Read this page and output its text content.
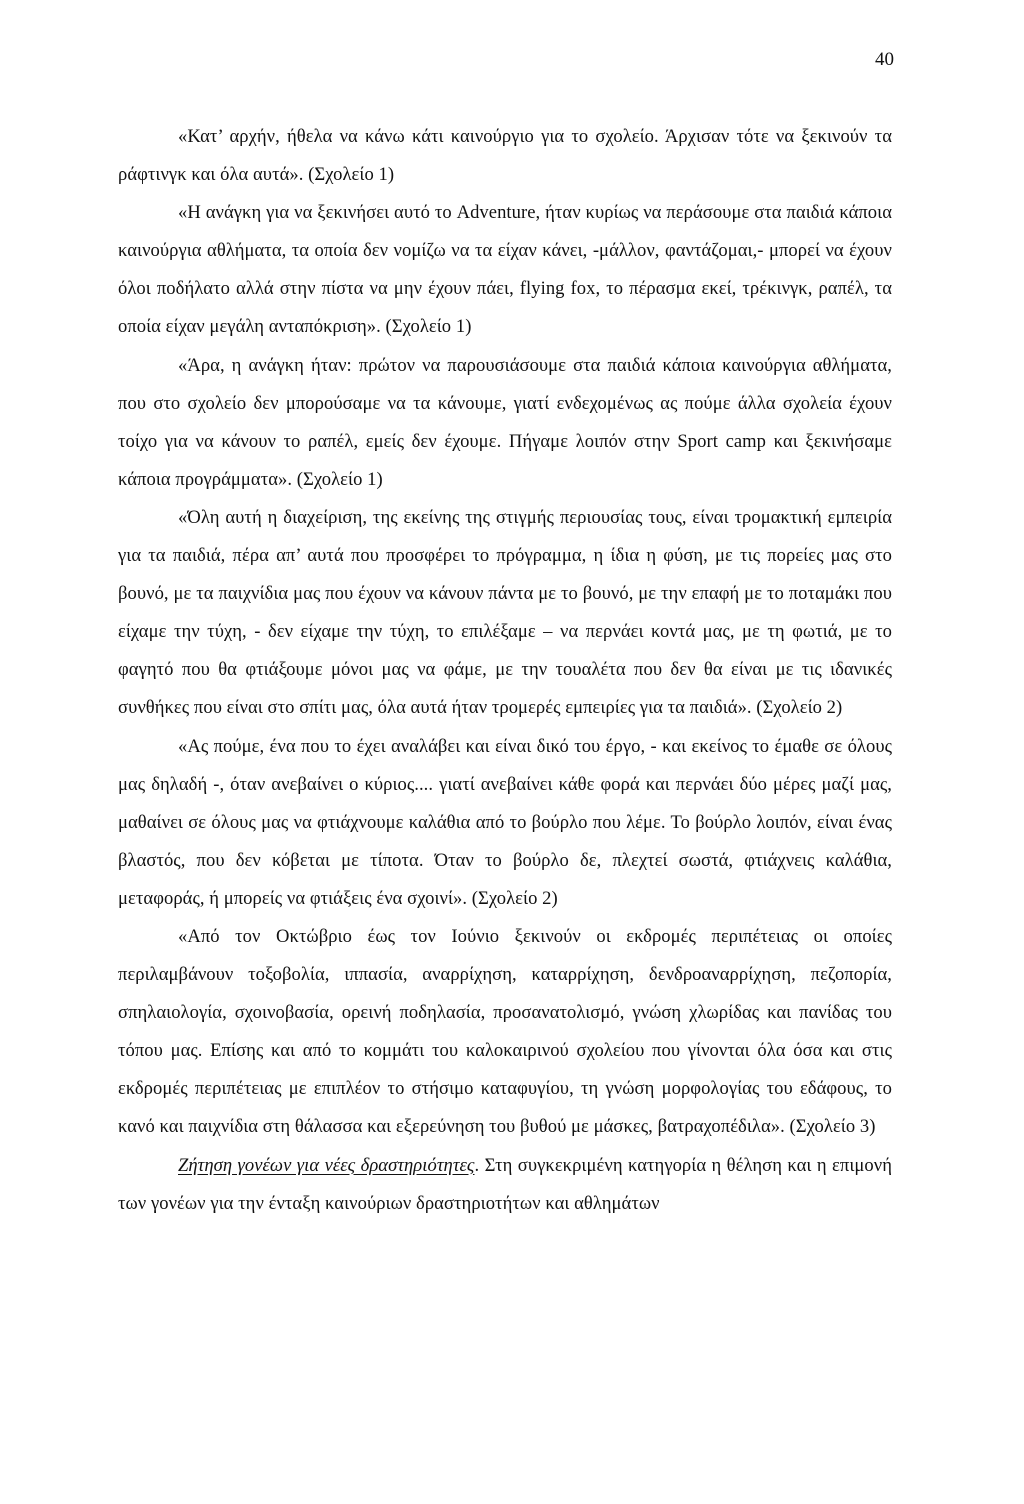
40

«Κατ’ αρχήν, ήθελα να κάνω κάτι καινούργιο για το σχολείο. Άρχισαν τότε να ξεκινούν τα ράφτινγκ και όλα αυτά». (Σχολείο 1)

«Η ανάγκη για να ξεκινήσει αυτό το Adventure, ήταν κυρίως να περάσουμε στα παιδιά κάποια καινούργια αθλήματα, τα οποία δεν νομίζω να τα είχαν κάνει, -μάλλον, φαντάζομαι,- μπορεί να έχουν όλοι ποδήλατο αλλά στην πίστα να μην έχουν πάει, flying fox, το πέρασμα εκεί, τρέκινγκ, ραπέλ, τα οποία είχαν μεγάλη ανταπόκριση». (Σχολείο 1)

«Άρα, η ανάγκη ήταν: πρώτον να παρουσιάσουμε στα παιδιά κάποια καινούργια αθλήματα, που στο σχολείο δεν μπορούσαμε να τα κάνουμε, γιατί ενδεχομένως ας πούμε άλλα σχολεία έχουν τοίχο για να κάνουν το ραπέλ, εμείς δεν έχουμε. Πήγαμε λοιπόν στην Sport camp και ξεκινήσαμε κάποια προγράμματα». (Σχολείο 1)

«Όλη αυτή η διαχείριση, της εκείνης της στιγμής περιουσίας τους, είναι τρομακτική εμπειρία για τα παιδιά, πέρα απ’ αυτά που προσφέρει το πρόγραμμα, η ίδια η φύση, με τις πορείες μας στο βουνό, με τα παιχνίδια μας που έχουν να κάνουν πάντα με το βουνό, με την επαφή με το ποταμάκι που είχαμε την τύχη, - δεν είχαμε την τύχη, το επιλέξαμε – να περνάει κοντά μας, με τη φωτιά, με το φαγητό που θα φτιάξουμε μόνοι μας να φάμε, με την τουαλέτα που δεν θα είναι με τις ιδανικές συνθήκες που είναι στο σπίτι μας, όλα αυτά ήταν τρομερές εμπειρίες για τα παιδιά». (Σχολείο 2)

«Ας πούμε, ένα που το έχει αναλάβει και είναι δικό του έργο, - και εκείνος το έμαθε σε όλους μας δηλαδή -, όταν ανεβαίνει ο κύριος.... γιατί ανεβαίνει κάθε φορά και περνάει δύο μέρες μαζί μας, μαθαίνει σε όλους μας να φτιάχνουμε καλάθια από το βούρλο που λέμε. Το βούρλο λοιπόν, είναι ένας βλαστός, που δεν κόβεται με τίποτα. Όταν το βούρλο δε, πλεχτεί σωστά, φτιάχνεις καλάθια, μεταφοράς, ή μπορείς να φτιάξεις ένα σχοινί». (Σχολείο 2)

«Από τον Οκτώβριο έως τον Ιούνιο ξεκινούν οι εκδρομές περιπέτειας οι οποίες περιλαμβάνουν τοξοβολία, ιππασία, αναρρίχηση, καταρρίχηση, δενδροαναρρίχηση, πεζοπορία, σπηλαιολογία, σχοινοβασία, ορεινή ποδηλασία, προσανατολισμό, γνώση χλωρίδας και πανίδας του τόπου μας. Επίσης και από το κομμάτι του καλοκαιρινού σχολείου που γίνονται όλα όσα και στις εκδρομές περιπέτειας με επιπλέον το στήσιμο καταφυγίου, τη γνώση μορφολογίας του εδάφους, το κανό και παιχνίδια στη θάλασσα και εξερεύνηση του βυθού με μάσκες, βατραχοπέδιλα». (Σχολείο 3)

Ζήτηση γονέων για νέες δραστηριότητες. Στη συγκεκριμένη κατηγορία η θέληση και η επιμονή των γονέων για την ένταξη καινούριων δραστηριοτήτων και αθλημάτων
